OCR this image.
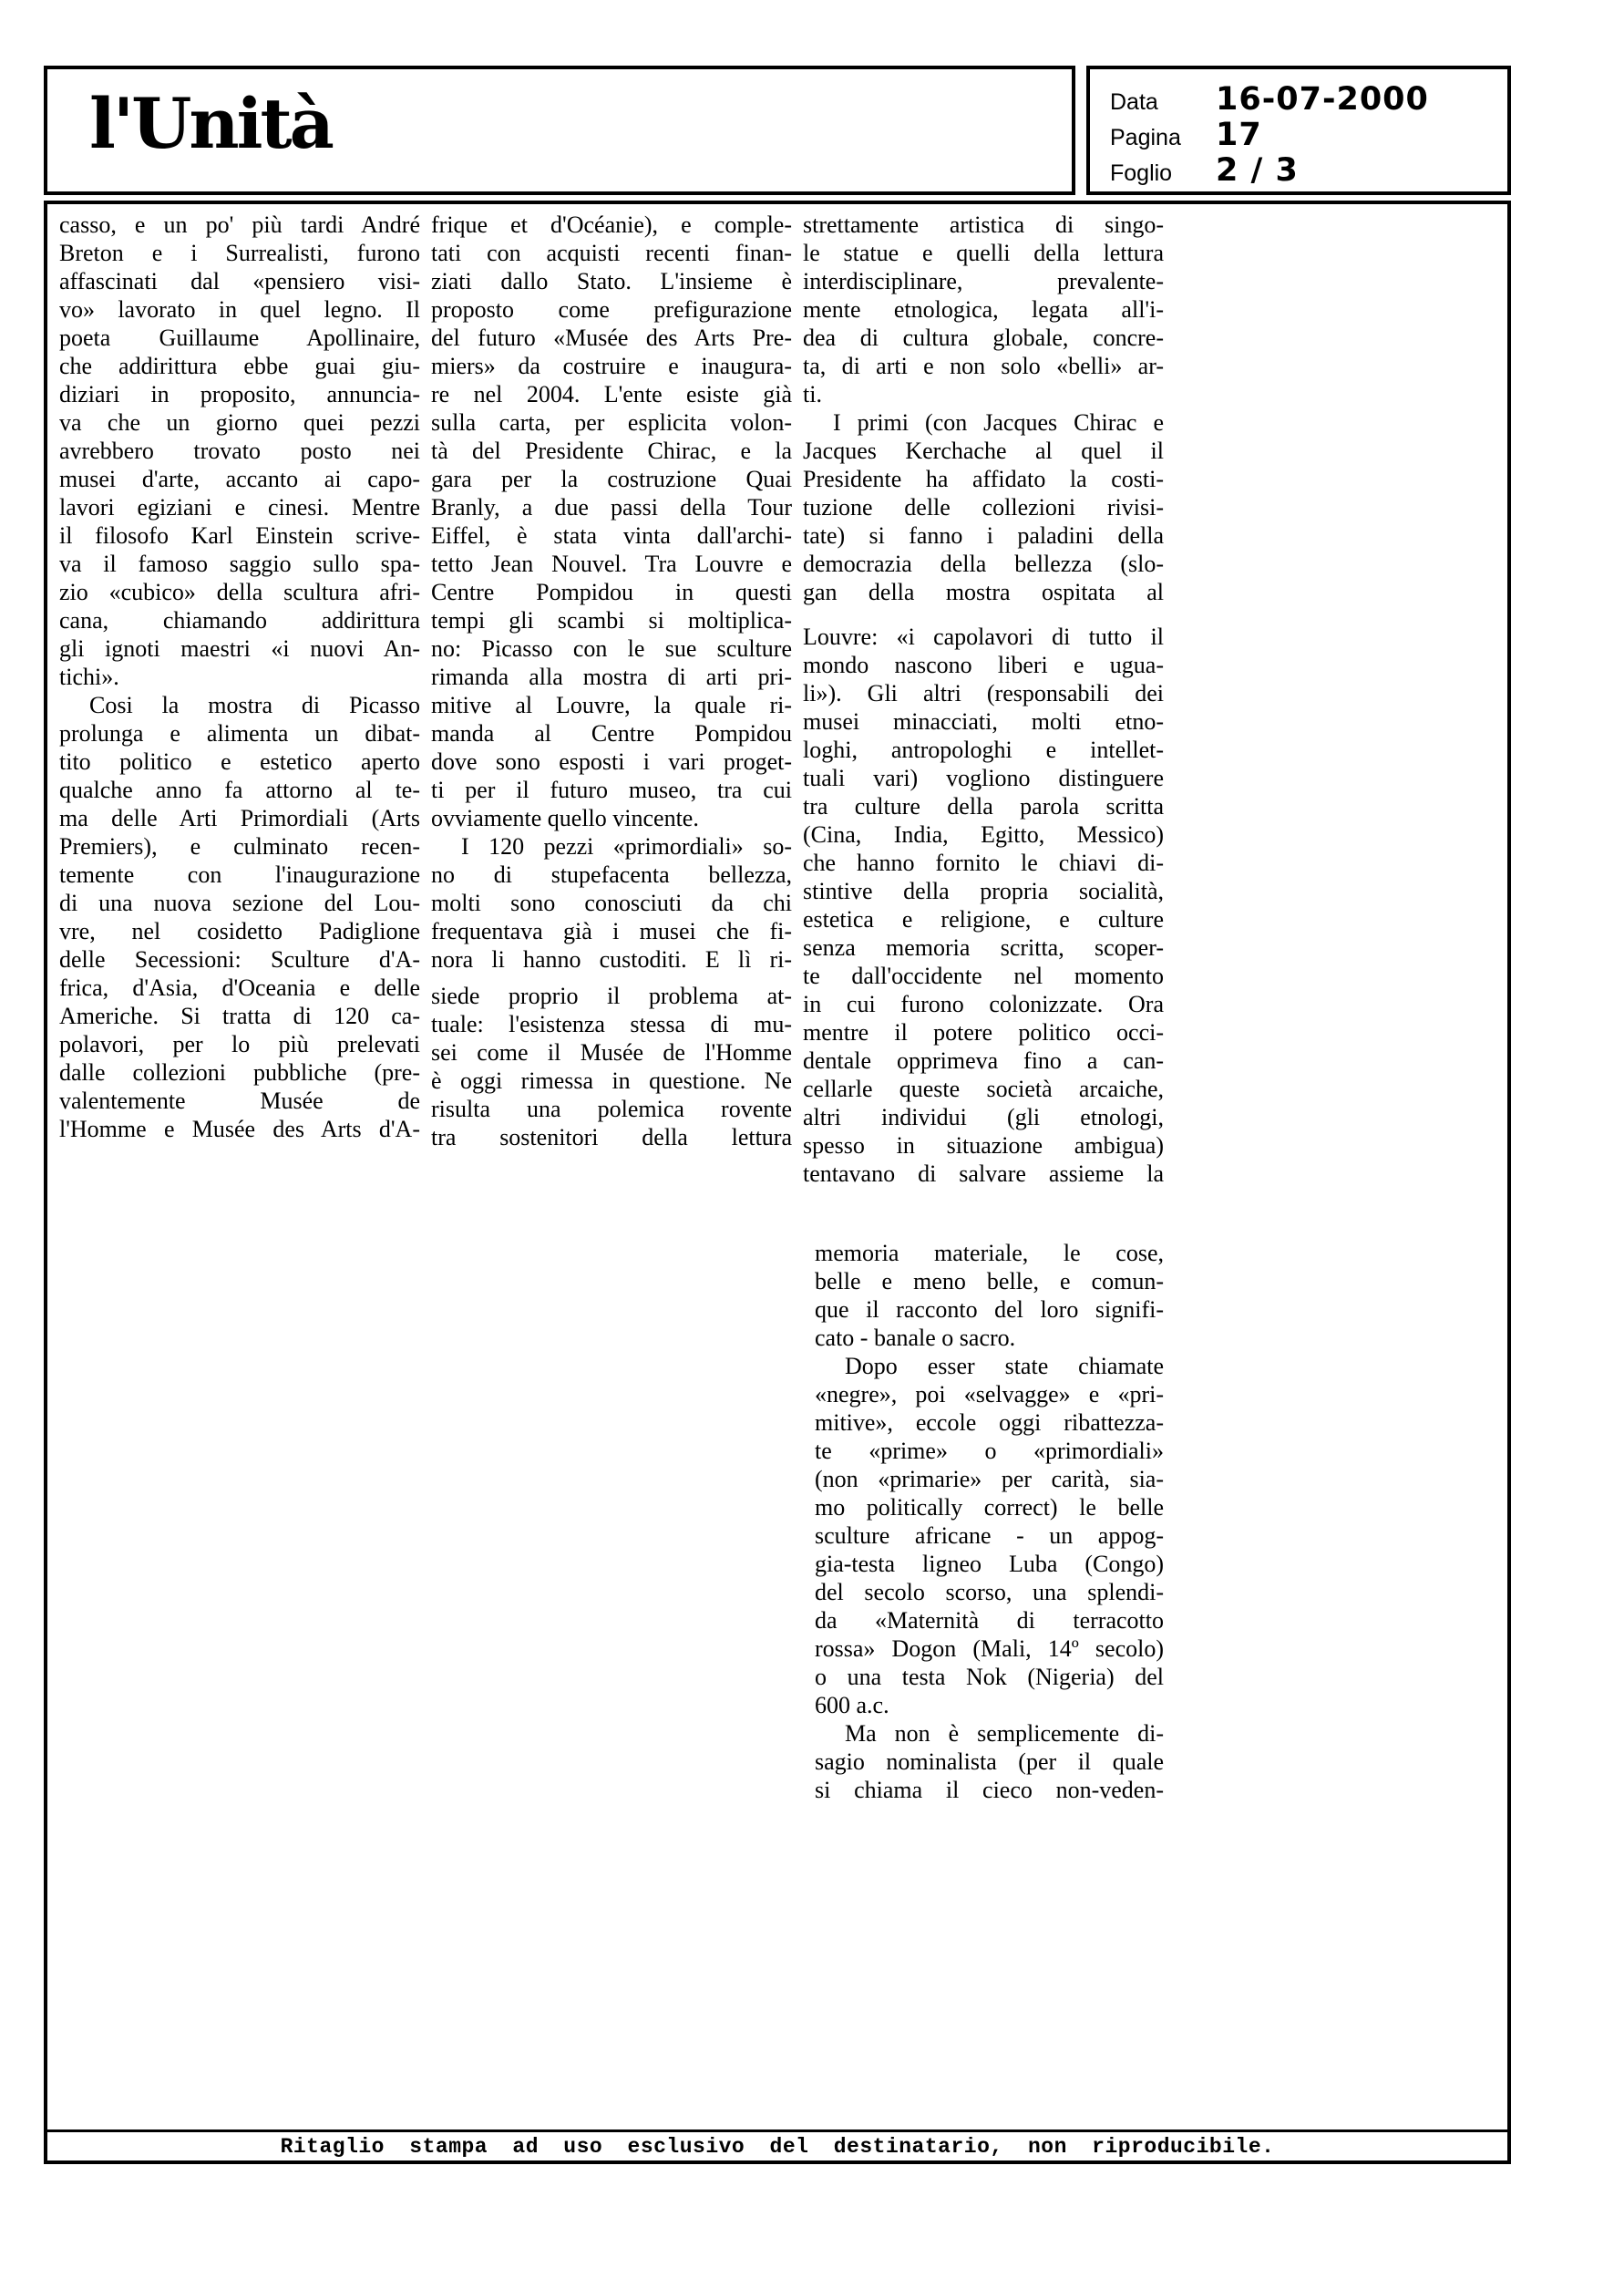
l'Unità	Data	16-07-2000
Pagina	17
Foglio	2 / 3
casso, e un po' più tardi André
Breton e i Surrealisti, furono
affascinati dal «pensiero visi-
vo» lavorato in quel legno. Il
poeta Guillaume Apollinaire,
che addirittura ebbe guai giu-
diziari in proposito, annuncia-
va che un giorno quei pezzi
avrebbero trovato posto nei
musei d'arte, accanto ai capo-
lavori egiziani e cinesi. Mentre
il filosofo Karl Einstein scrive-
va il famoso saggio sullo spa-
zio «cubico» della scultura afri-
cana, chiamando addirittura
gli ignoti maestri «i nuovi An-
tichi».
Cosi la mostra di Picasso
prolunga e alimenta un dibat-
tito politico e estetico aperto
qualche anno fa attorno al te-
ma delle Arti Primordiali (Arts
Premiers), e culminato recen-
temente con l'inaugurazione
di una nuova sezione del Lou-
vre, nel cosidetto Padiglione
delle Secessioni: Sculture d'A-
frica, d'Asia, d'Oceania e delle
Americhe. Si tratta di 120 ca-
polavori, per lo più prelevati
dalle collezioni pubbliche (pre-
valentemente Musée de
l'Homme e Musée des Arts d'A-
frique et d'Océanie), e comple-
tati con acquisti recenti finan-
ziati dallo Stato. L'insieme è
proposto come prefigurazione
del futuro «Musée des Arts Pre-
miers» da costruire e inaugura-
re nel 2004. L'ente esiste già
sulla carta, per esplicita volon-
tà del Presidente Chirac, e la
gara per la costruzione Quai
Branly, a due passi della Tour
Eiffel, è stata vinta dall'archi-
tetto Jean Nouvel. Tra Louvre e
Centre Pompidou in questi
tempi gli scambi si moltiplica-
no: Picasso con le sue sculture
rimanda alla mostra di arti pri-
mitive al Louvre, la quale ri-
manda al Centre Pompidou
dove sono esposti i vari proget-
ti per il futuro museo, tra cui
ovviamente quello vincente.
I 120 pezzi «primordiali» so-
no di stupefacenta bellezza,
molti sono conosciuti da chi
frequentava già i musei che fi-
nora li hanno custoditi. E lì ri-
siede proprio il problema at-
tuale: l'esistenza stessa di mu-
sei come il Musée de l'Homme
è oggi rimessa in questione. Ne
risulta una polemica rovente
tra sostenitori della lettura
strettamente artistica di singo-
le statue e quelli della lettura
interdisciplinare, prevalente-
mente etnologica, legata all'i-
dea di cultura globale, concre-
ta, di arti e non solo «belli» ar-
ti.
I primi (con Jacques Chirac e
Jacques Kerchache al quel il
Presidente ha affidato la costi-
tuzione delle collezioni rivisi-
tate) si fanno i paladini della
democrazia della bellezza (slo-
gan della mostra ospitata al
Louvre: «i capolavori di tutto il
mondo nascono liberi e ugua-
li»). Gli altri (responsabili dei
musei minacciati, molti etno-
loghi, antropologhi e intellet-
tuali vari) vogliono distinguere
tra culture della parola scritta
(Cina, India, Egitto, Messico)
che hanno fornito le chiavi di-
stintive della propria socialità,
estetica e religione, e culture
senza memoria scritta, scoper-
te dall'occidente nel momento
in cui furono colonizzate. Ora
mentre il potere politico occi-
dentale opprimeva fino a can-
cellarle queste società arcaiche,
altri individui (gli etnologi,
spesso in situazione ambigua)
tentavano di salvare assieme la
memoria materiale, le cose,
belle e meno belle, e comun-
que il racconto del loro signifi-
cato - banale o sacro.
Dopo esser state chiamate
«negre», poi «selvagge» e «pri-
mitive», eccole oggi ribattezza-
te «prime» o «primordiali»
(non «primarie» per carità, sia-
mo politically correct) le belle
sculture africane - un appog-
gia-testa ligneo Luba (Congo)
del secolo scorso, una splendi-
da «Maternità di terracotto
rossa» Dogon (Mali, 14º secolo)
o una testa Nok (Nigeria) del
600 a.c.
Ma non è semplicemente di-
sagio nominalista (per il quale
si chiama il cieco non-veden-
Ritaglio stampa ad uso esclusivo del destinatario, non riproducibile.
